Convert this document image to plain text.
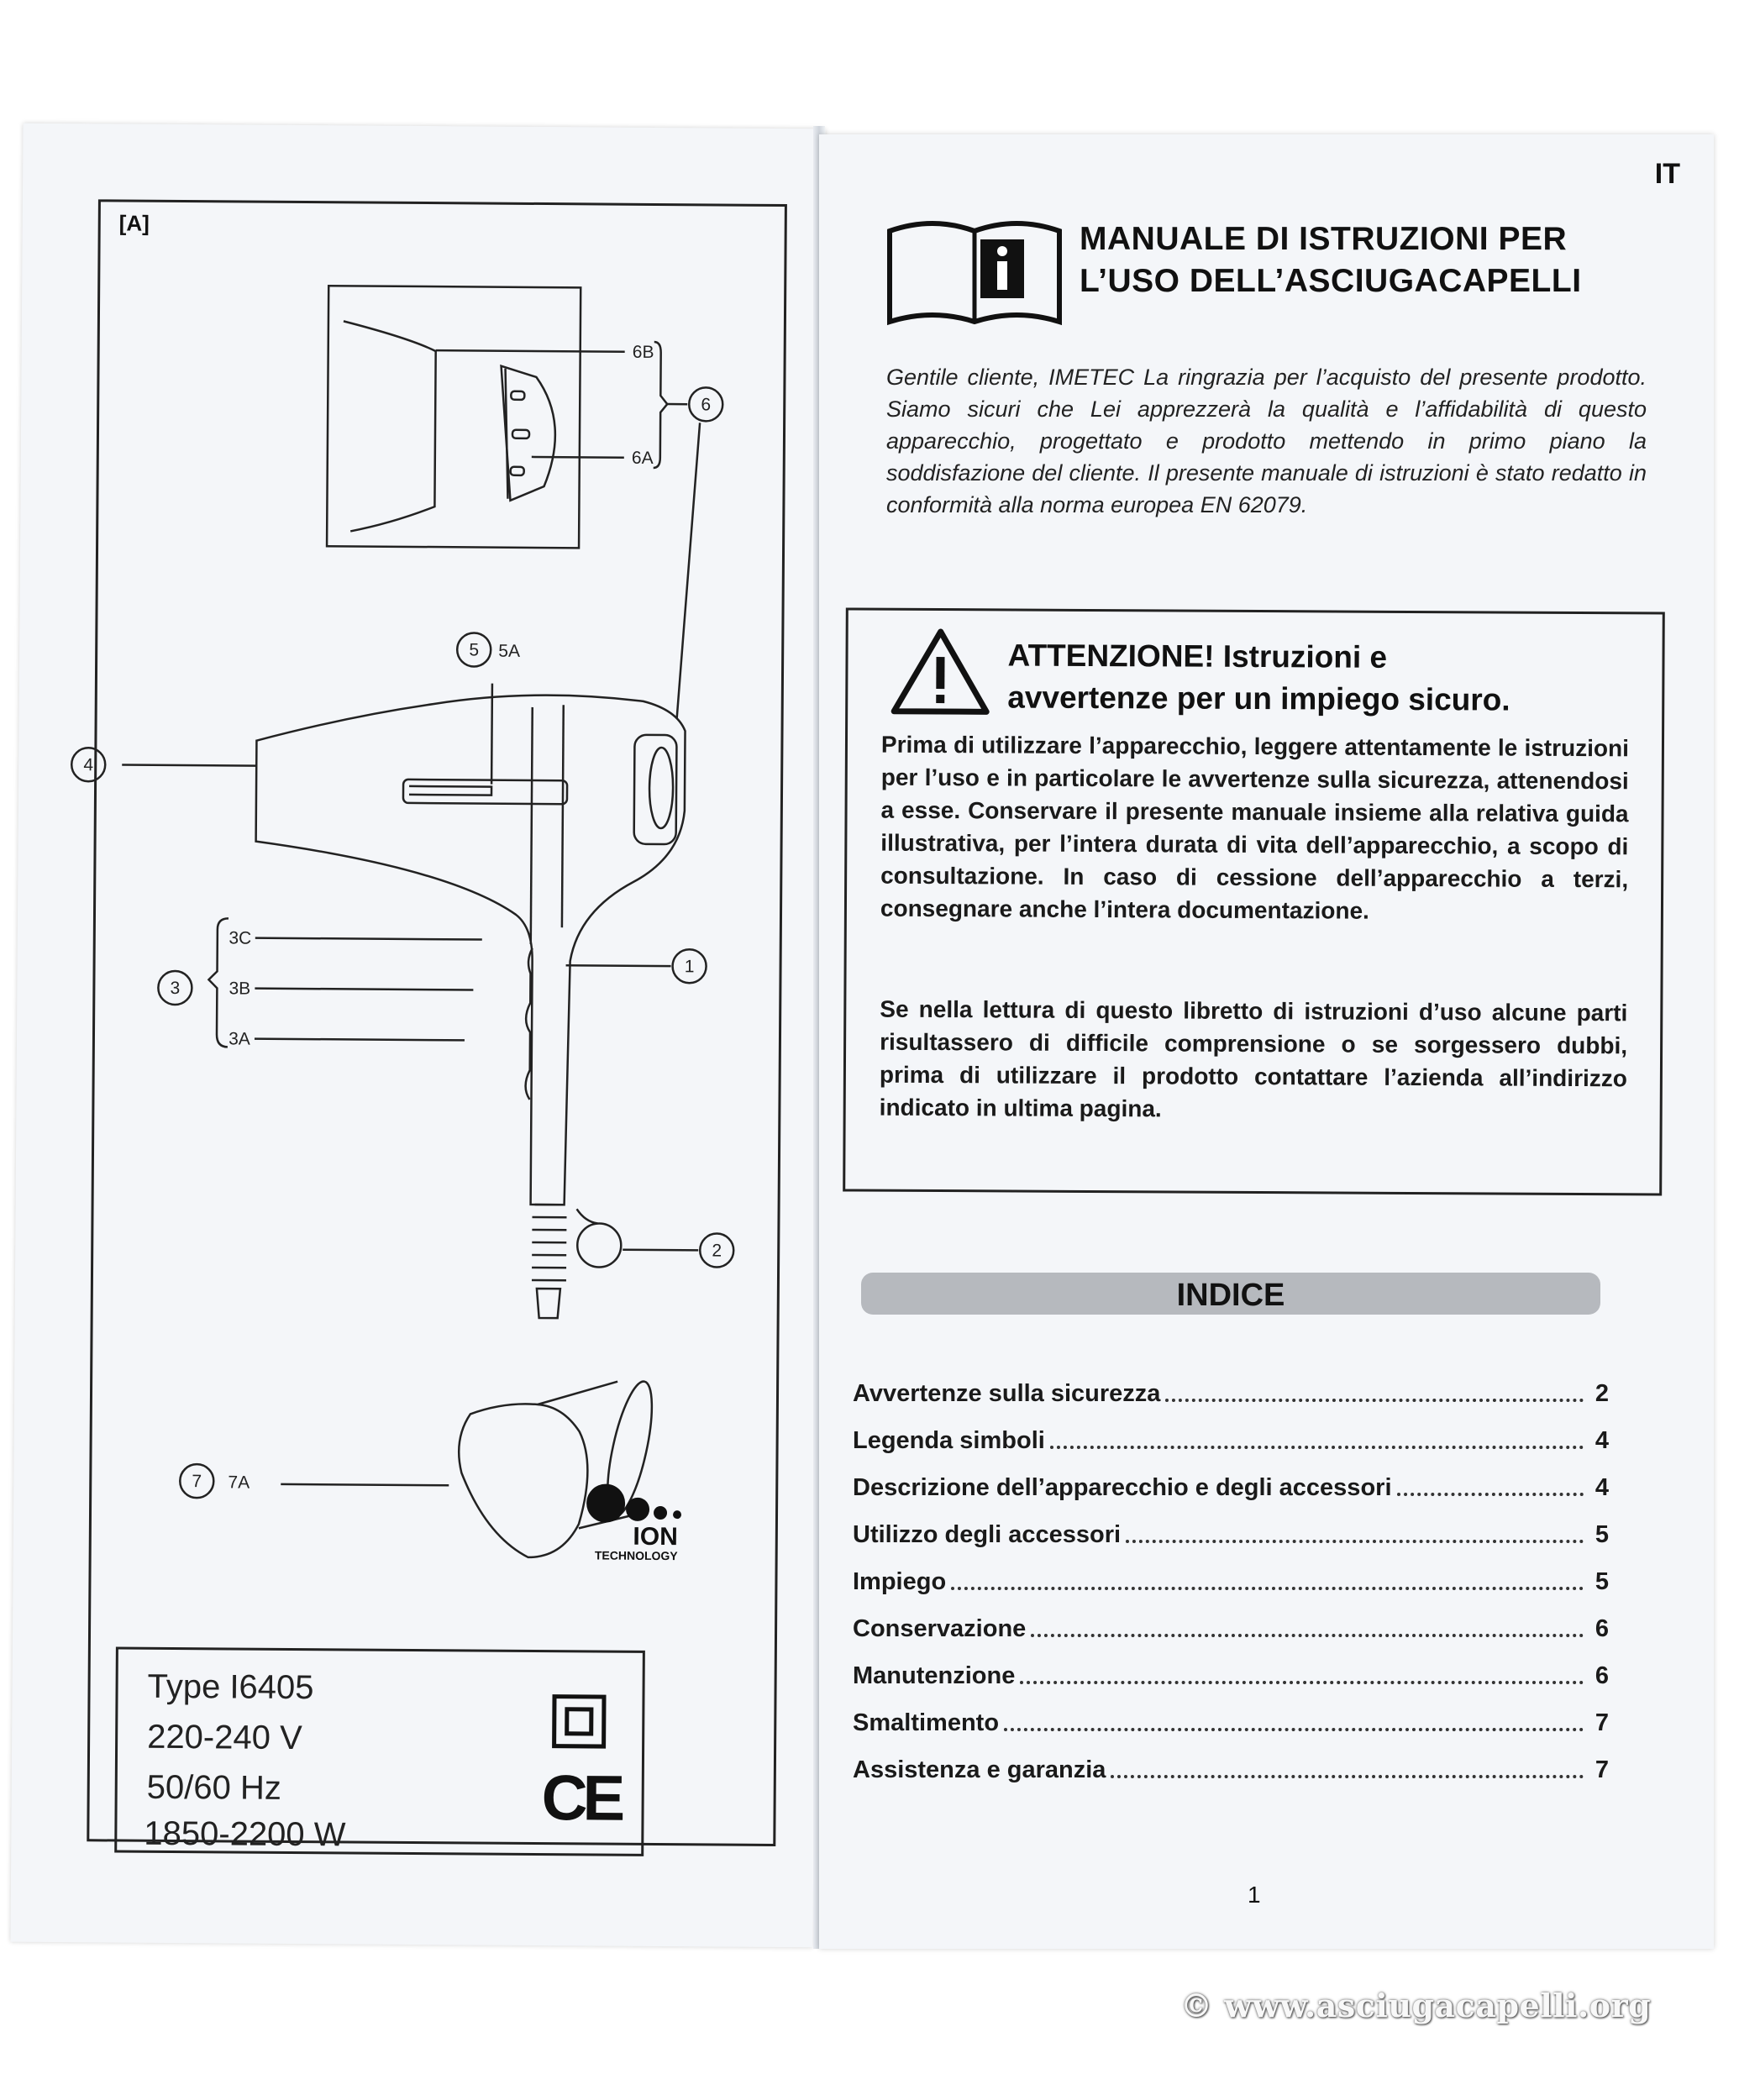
[A]
6B
6A
6
5 5A
4
3C
3	3B
3A
1
2
7 7A
ION
TECHNOLOGY
Type I6405
220-240 V
50/60 Hz	CE
1850-2200 W
IT
MANUALE DI ISTRUZIONI PER
L’USO DELL’ASCIUGACAPELLI
Gentile cliente, IMETEC La ringrazia per l’acquisto del presente prodotto. Siamo sicuri che Lei apprezzerà la qualità e l’affidabilità di questo apparecchio, progettato e prodotto mettendo in primo piano la soddisfazione del cliente. Il presente manuale di istruzioni è stato redatto in conformità alla norma europea EN 62079.
ATTENZIONE! Istruzioni e
avvertenze per un impiego sicuro.
Prima di utilizzare l’apparecchio, leggere attentamente le istruzioni per l’uso e in particolare le avvertenze sulla sicurezza, attenendosi a esse. Conservare il presente manuale insieme alla relativa guida illustrativa, per l’intera durata di vita dell’apparecchio, a scopo di consultazione. In caso di cessione dell’apparecchio a terzi, consegnare anche l’intera documentazione.
Se nella lettura di questo libretto di istruzioni d’uso alcune parti risultassero di difficile comprensione o se sorgessero dubbi, prima di utilizzare il prodotto contattare l’azienda all’indirizzo indicato in ultima pagina.
INDICE
Avvertenze sulla sicurezza	2
Legenda simboli	4
Descrizione dell’apparecchio e degli accessori	4
Utilizzo degli accessori	5
Impiego	5
Conservazione	6
Manutenzione	6
Smaltimento	7
Assistenza e garanzia	7
1
© www.asciugacapelli.org
